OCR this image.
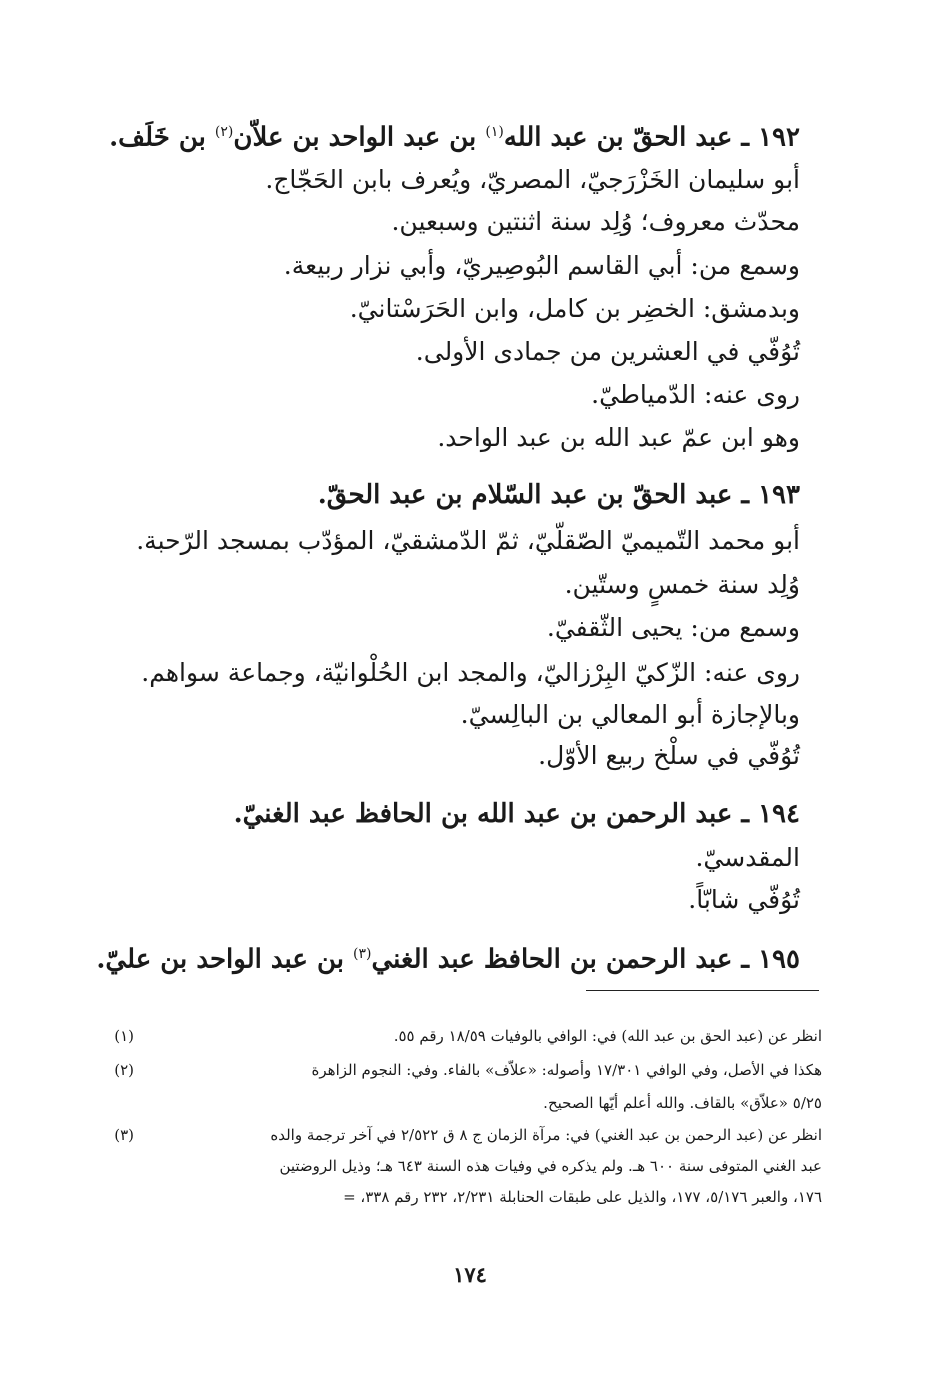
١٩٢ ـ عبد الحقّ بن عبد الله$^{(١)}$ بن عبد الواحد بن علاّن$^{(٢)}$ بن خَلَف.
أبو سليمان الخَزْرَجيّ، المصريّ، ويُعرف بابن الحَجّاج.
محدّث معروف؛ وُلِد سنة اثنتين وسبعين.
وسمع من: أبي القاسم البُوصِيريّ، وأبي نزار ربيعة.
وبدمشق: الخضِر بن كامل، وابن الحَرَسْتانيّ.
تُوُفّي في العشرين من جمادى الأولى.
روى عنه: الدّمياطيّ.
وهو ابن عمّ عبد الله بن عبد الواحد.
١٩٣ ـ عبد الحقّ بن عبد السّلام بن عبد الحقّ.
أبو محمد التّميميّ الصّقلّيّ، ثمّ الدّمشقيّ، المؤدّب بمسجد الرّحبة.
وُلِد سنة خمسٍ وستّين.
وسمع من: يحيى الثّقفيّ.
روى عنه: الزّكيّ البِرْزاليّ، والمجد ابن الحُلْوانيّة، وجماعة سواهم.
وبالإجازة أبو المعالي بن البالِسيّ.
تُوُفّي في سلْخ ربيع الأوّل.
١٩٤ ـ عبد الرحمن بن عبد الله بن الحافظ عبد الغنيّ.
المقدسيّ.
تُوُفّي شابّاً.
١٩٥ ـ عبد الرحمن بن الحافظ عبد الغني$^{(٣)}$ بن عبد الواحد بن عليّ.
(١)	انظر عن (عبد الحق بن عبد الله) في: الوافي بالوفيات ١٨/٥٩ رقم ٥٥.
(٢)	هكذا في الأصل، وفي الوافي ١٧/٣٠١ وأصوله: «علاّف» بالفاء. وفي: النجوم الزاهرة
٥/٢٥ «علاّق» بالقاف. والله أعلم أيّها الصحيح.
(٣)	انظر عن (عبد الرحمن بن عبد الغني) في: مرآة الزمان ج ٨ ق ٢/٥٢٢ في آخر ترجمة والده
عبد الغني المتوفى سنة ٦٠٠ هـ. ولم يذكره في وفيات هذه السنة ٦٤٣ هـ؛ وذيل الروضتين
١٧٦، والعبر ٥/١٧٦، ١٧٧، والذيل على طبقات الحنابلة ٢/٢٣١، ٢٣٢ رقم ٣٣٨، =
١٧٤
